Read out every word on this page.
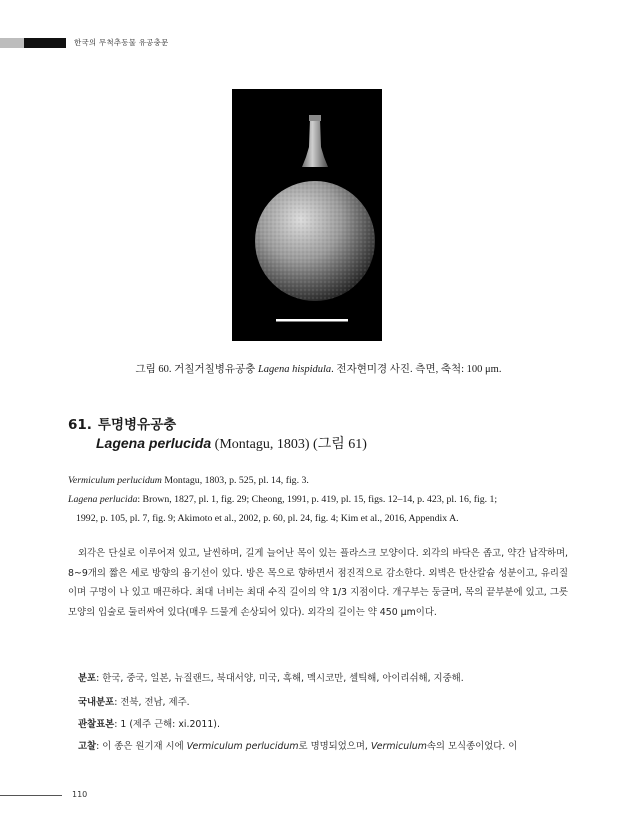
한국의 무척추동물 유공충문
그림 60. 거칠거칠병유공충 Lagena hispidula. 전자현미경 사진. 측면, 축척: 100 μm.
61. 투명병유공충
Lagena perlucida (Montagu, 1803) (그림 61)
Vermiculum perlucidum Montagu, 1803, p. 525, pl. 14, fig. 3.
Lagena perlucida: Brown, 1827, pl. 1, fig. 29; Cheong, 1991, p. 419, pl. 15, figs. 12–14, p. 423, pl. 16, fig. 1;
1992, p. 105, pl. 7, fig. 9; Akimoto et al., 2002, p. 60, pl. 24, fig. 4; Kim et al., 2016, Appendix A.
외각은 단실로 이루어져 있고, 날씬하며, 길게 늘어난 목이 있는 플라스크 모양이다. 외각의 바닥은 좁고, 약간 납작하며, 8~9개의 짧은 세로 방향의 융기선이 있다. 방은 목으로 향하면서 점진적으로 감소한다. 외벽은 탄산칼슘 성분이고, 유리질이며 구멍이 나 있고 매끈하다. 최대 너비는 최대 수직 길이의 약 1/3 지점이다. 개구부는 둥글며, 목의 끝부분에 있고, 그릇 모양의 입술로 둘러싸여 있다(매우 드물게 손상되어 있다). 외각의 길이는 약 450 μm이다.
분포: 한국, 중국, 일본, 뉴질랜드, 북대서양, 미국, 흑해, 멕시코만, 셀틱해, 아이리쉬해, 지중해.
국내분포: 전북, 전남, 제주.
관찰표본: 1 (제주 근해: xi.2011).
고찰: 이 종은 원기재 시에 Vermiculum perlucidum로 명명되었으며, Vermiculum속의 모식종이었다. 이
110
